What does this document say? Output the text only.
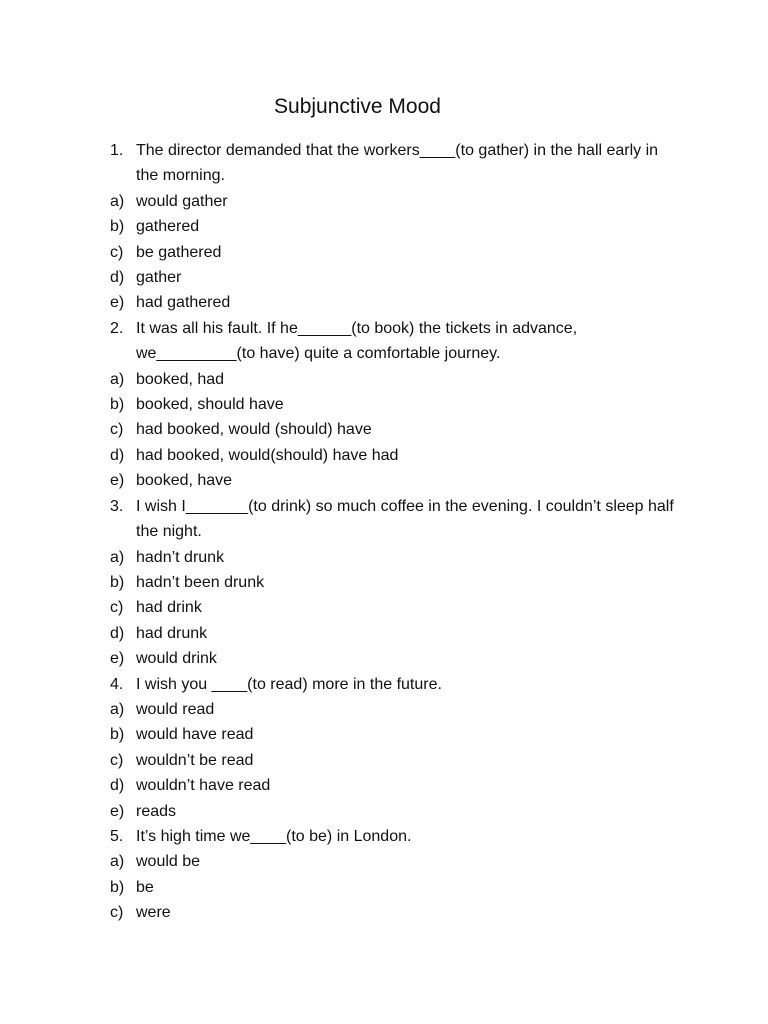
Subjunctive Mood
1. The director demanded that the workers____(to gather) in the hall early in the morning.
a) would gather
b) gathered
c) be gathered
d) gather
e) had gathered
2. It was all his fault. If he______(to book) the tickets in advance, we_________(to have) quite a comfortable journey.
a) booked, had
b) booked, should have
c) had booked, would (should) have
d) had booked, would(should) have had
e) booked, have
3. I wish I_______(to drink) so much coffee in the evening. I couldn’t sleep half the night.
a) hadn’t drunk
b) hadn’t been drunk
c) had drink
d) had drunk
e) would drink
4. I wish you ____(to read) more in the future.
a) would read
b) would have read
c) wouldn’t be read
d) wouldn’t have read
e) reads
5. It’s high time we____(to be) in London.
a) would be
b) be
c) were
